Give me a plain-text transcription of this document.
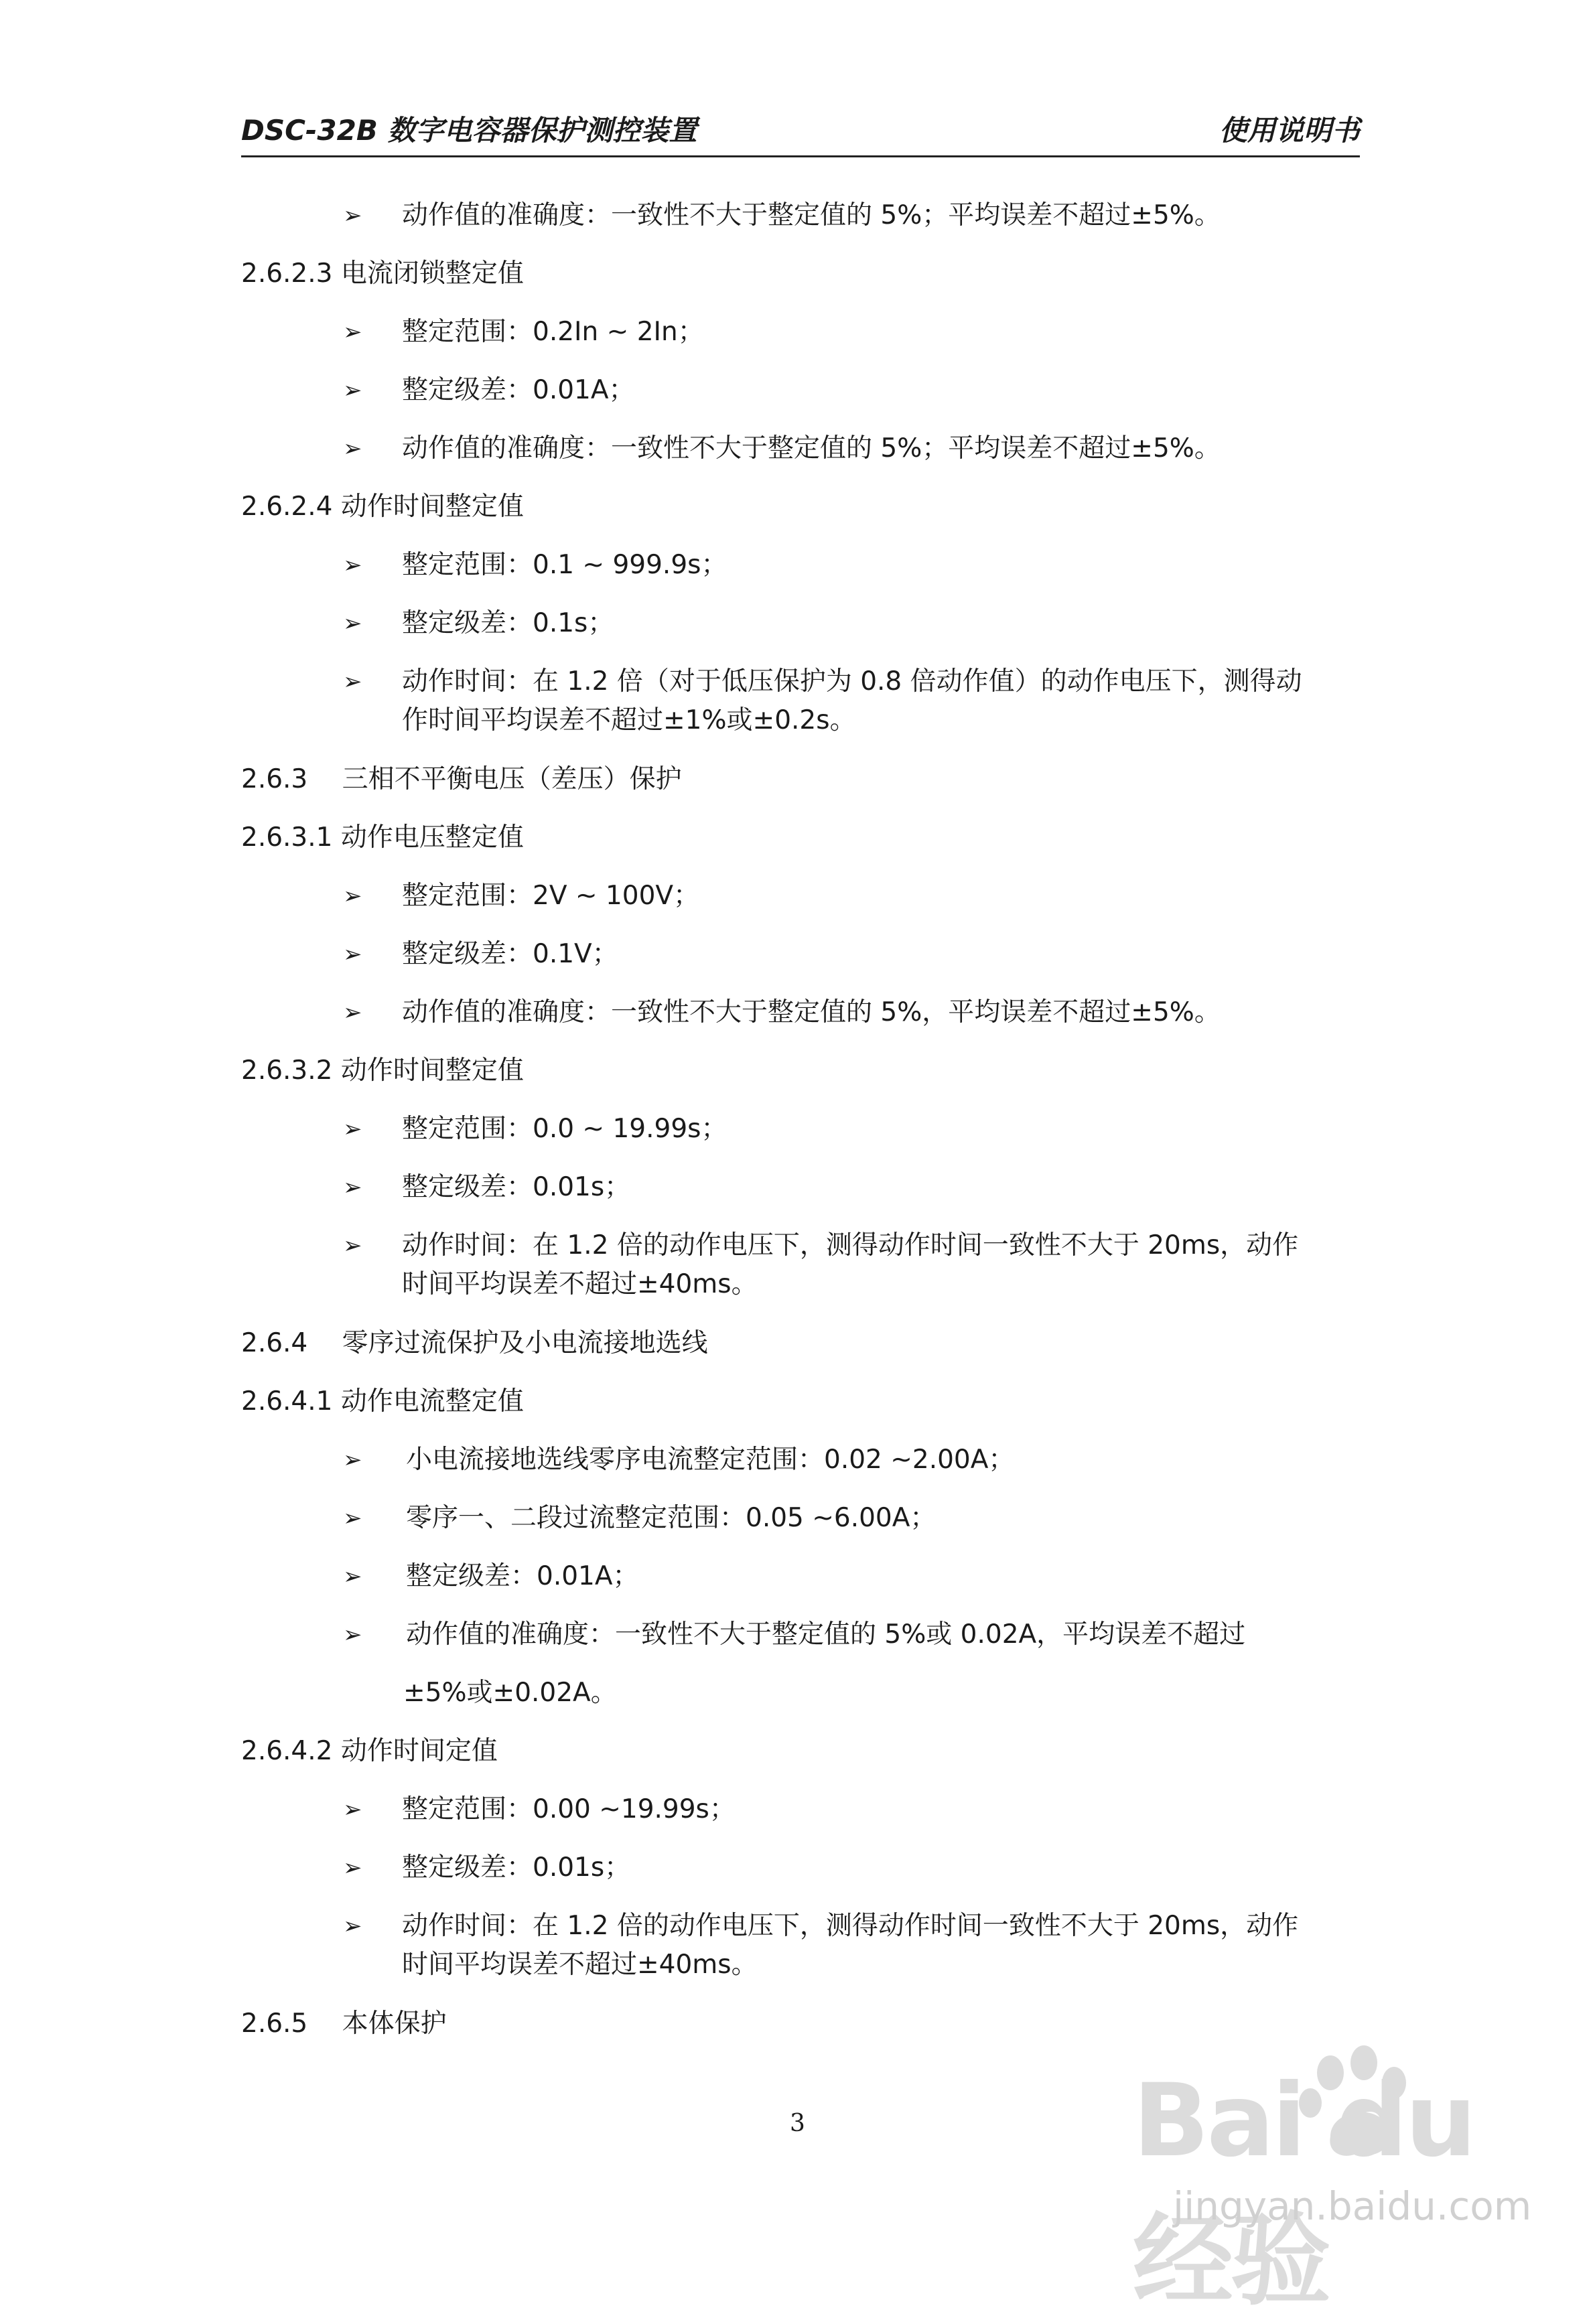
DSC-32B 数字电容器保护测控装置	使用说明书
➢ 动作值的准确度：一致性不大于整定值的 5%；平均误差不超过±5%。
2.6.2.3 电流闭锁整定值
➢ 整定范围：0.2In ~ 2In；
➢ 整定级差：0.01A；
➢ 动作值的准确度：一致性不大于整定值的 5%；平均误差不超过±5%。
2.6.2.4 动作时间整定值
➢ 整定范围：0.1 ~ 999.9s；
➢ 整定级差：0.1s；
➢ 动作时间：在 1.2 倍（对于低压保护为 0.8 倍动作值）的动作电压下，测得动
作时间平均误差不超过±1%或±0.2s。
2.6.3　 三相不平衡电压（差压）保护
2.6.3.1 动作电压整定值
➢ 整定范围：2V ~ 100V；
➢ 整定级差：0.1V；
➢ 动作值的准确度：一致性不大于整定值的 5%，平均误差不超过±5%。
2.6.3.2 动作时间整定值
➢ 整定范围：0.0 ~ 19.99s；
➢ 整定级差：0.01s；
➢ 动作时间：在 1.2 倍的动作电压下，测得动作时间一致性不大于 20ms，动作
时间平均误差不超过±40ms。
2.6.4　 零序过流保护及小电流接地选线
2.6.4.1 动作电流整定值
➢ 小电流接地选线零序电流整定范围：0.02 ~2.00A；
➢ 零序一、二段过流整定范围：0.05 ~6.00A；
➢ 整定级差：0.01A；
➢ 动作值的准确度：一致性不大于整定值的 5%或 0.02A，平均误差不超过
±5%或±0.02A。
2.6.4.2 动作时间定值
➢ 整定范围：0.00 ~19.99s；
➢ 整定级差：0.01s；
➢ 动作时间：在 1.2 倍的动作电压下，测得动作时间一致性不大于 20ms，动作
时间平均误差不超过±40ms。
2.6.5　 本体保护
3	Bai du 经验
jingyan.baidu.com
